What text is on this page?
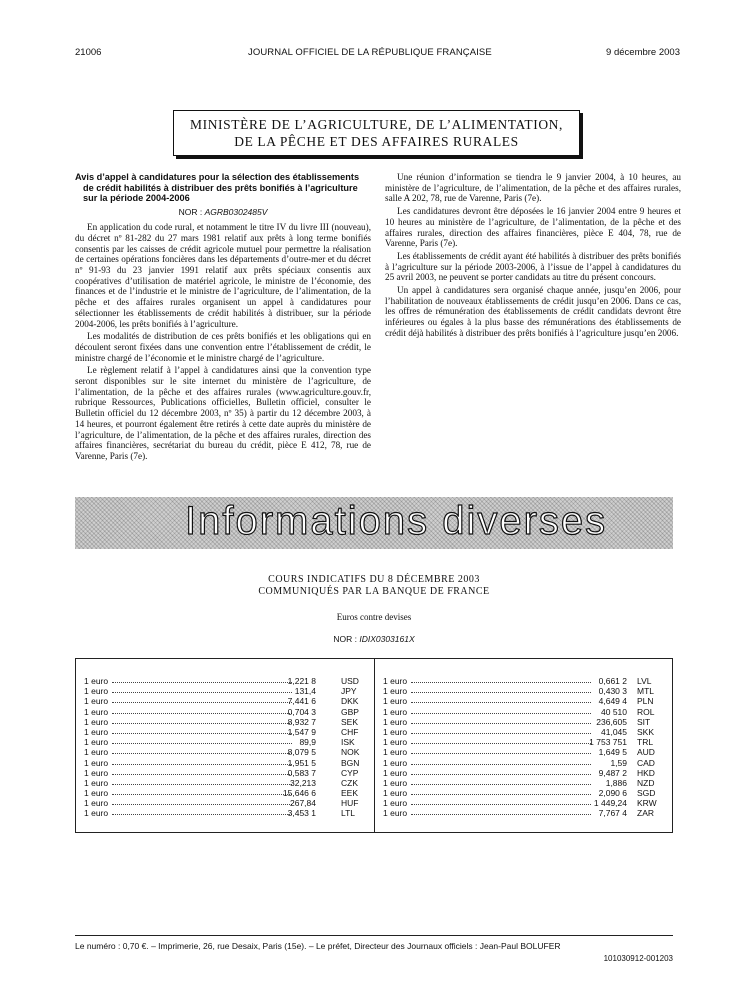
21006	JOURNAL OFFICIEL DE LA RÉPUBLIQUE FRANÇAISE	9 décembre 2003
MINISTÈRE DE L’AGRICULTURE, DE L’ALIMENTATION,
DE LA PÊCHE ET DES AFFAIRES RURALES

Avis d’appel à candidatures pour la sélection des établissements de crédit habilités à distribuer des prêts bonifiés à l’agriculture sur la période 2004-2006

NOR : AGRB0302485V

En application du code rural, et notamment le titre IV du livre III (nouveau), du décret nº 81-282 du 27 mars 1981 relatif aux prêts à long terme bonifiés consentis par les caisses de crédit agricole mutuel pour permettre la réalisation de certaines opérations foncières dans les départements d’outre-mer et du décret nº 91-93 du 23 janvier 1991 relatif aux prêts spéciaux consentis aux coopératives d’utilisation de matériel agricole, le ministre de l’économie, des finances et de l’industrie et le ministre de l’agriculture, de l’alimentation, de la pêche et des affaires rurales organisent un appel à candidatures pour sélectionner les établissements de crédit habilités à distribuer, sur la période 2004-2006, les prêts bonifiés à l’agriculture.

Les modalités de distribution de ces prêts bonifiés et les obligations qui en découlent seront fixées dans une convention entre l’établissement de crédit, le ministre chargé de l’économie et le ministre chargé de l’agriculture.

Le règlement relatif à l’appel à candidatures ainsi que la convention type seront disponibles sur le site internet du ministère de l’agriculture, de l’alimentation, de la pêche et des affaires rurales (www.agriculture.gouv.fr, rubrique Ressources, Publications officielles, Bulletin officiel, consulter le Bulletin officiel du 12 décembre 2003, nº 35) à partir du 12 décembre 2003, à 14 heures, et pourront également être retirés à cette date auprès du ministère de l’agriculture, de l’alimentation, de la pêche et des affaires rurales, direction des affaires financières, secrétariat du bureau du crédit, pièce E 412, 78, rue de Varenne, Paris (7e).

Une réunion d’information se tiendra le 9 janvier 2004, à 10 heures, au ministère de l’agriculture, de l’alimentation, de la pêche et des affaires rurales, salle A 202, 78, rue de Varenne, Paris (7e).

Les candidatures devront être déposées le 16 janvier 2004 entre 9 heures et 10 heures au ministère de l’agriculture, de l’alimentation, de la pêche et des affaires rurales, direction des affaires financières, pièce E 404, 78, rue de Varenne, Paris (7e).

Les établissements de crédit ayant été habilités à distribuer des prêts bonifiés à l’agriculture sur la période 2003-2006, à l’issue de l’appel à candidatures du 25 avril 2003, ne peuvent se porter candidats au titre du présent concours.

Un appel à candidatures sera organisé chaque année, jusqu’en 2006, pour l’habilitation de nouveaux établissements de crédit jusqu’en 2006. Dans ce cas, les offres de rémunération des établissements de crédit candidats devront être inférieures ou égales à la plus basse des rémunérations des établissements de crédit déjà habilités à distribuer des prêts bonifiés à l’agriculture jusqu’en 2006.

Informations diverses
COURS INDICATIFS DU 8 DÉCEMBRE 2003
COMMUNIQUÉS PAR LA BANQUE DE FRANCE
Euros contre devises
NOR : IDIX0303161X
1 euro	1,221 8	USD
1 euro	131,4	JPY
1 euro	7,441 6	DKK
1 euro	0,704 3	GBP
1 euro	8,932 7	SEK
1 euro	1,547 9	CHF
1 euro	89,9	ISK
1 euro	8,079 5	NOK
1 euro	1,951 5	BGN
1 euro	0,583 7	CYP
1 euro	32,213	CZK
1 euro	15,646 6	EEK
1 euro	267,84	HUF
1 euro	3,453 1	LTL
1 euro	0,661 2 LVL
1 euro	0,430 3 MTL
1 euro	4,649 4 PLN
1 euro	40 510 ROL
1 euro	236,605 SIT
1 euro	41,045 SKK
1 euro	1 753 751 TRL
1 euro	1,649 5 AUD
1 euro	1,59 CAD
1 euro	9,487 2 HKD
1 euro	1,886 NZD
1 euro	2,090 6 SGD
1 euro	1 449,24 KRW
1 euro	7,767 4 ZAR
Le numéro : 0,70 €. – Imprimerie, 26, rue Desaix, Paris (15e). – Le préfet, Directeur des Journaux officiels : Jean-Paul BOLUFER
101030912-001203
